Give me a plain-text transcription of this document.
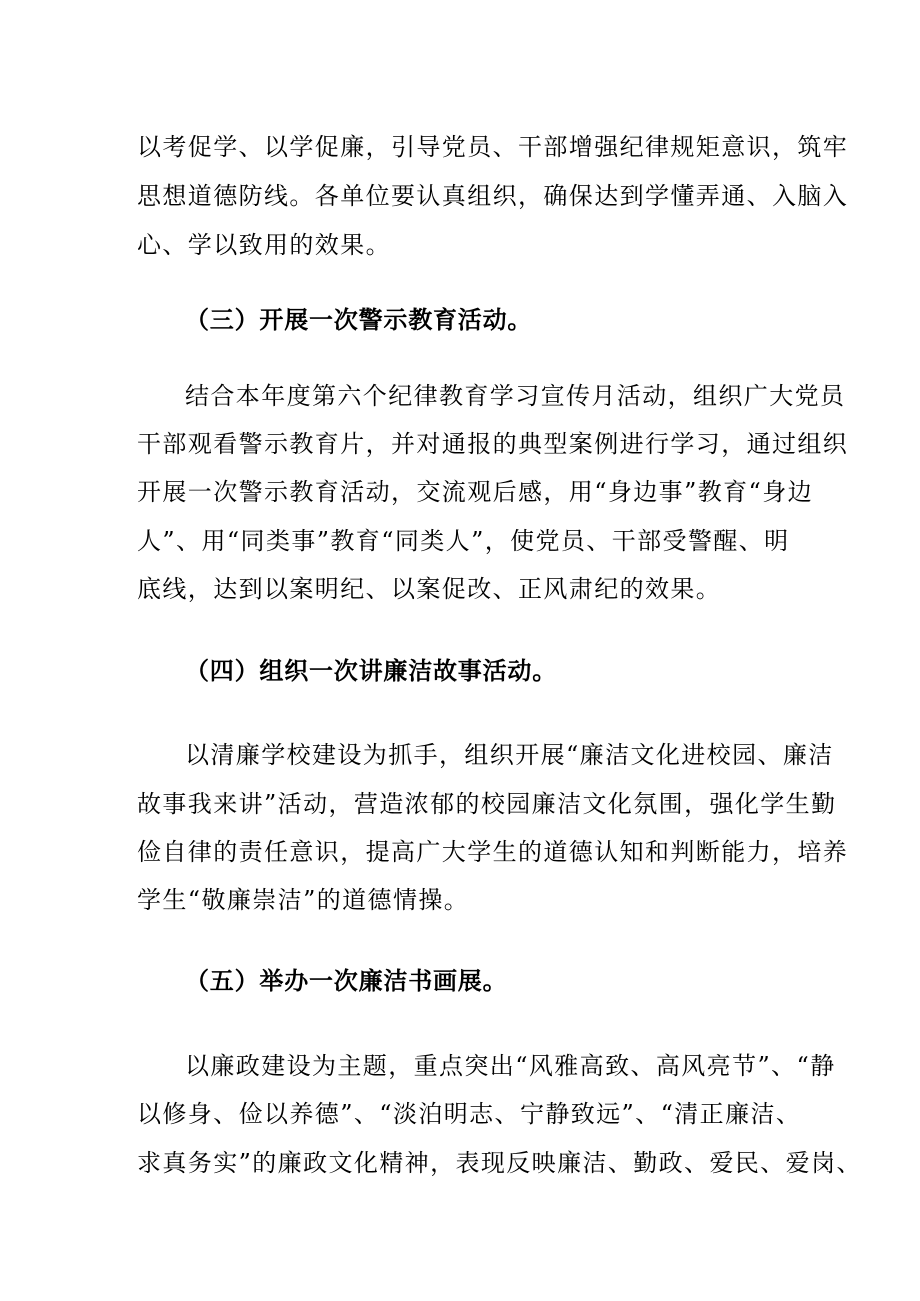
以考促学、以学促廉，引导党员、干部增强纪律规矩意识，筑牢
思想道德防线。各单位要认真组织，确保达到学懂弄通、入脑入
心、学以致用的效果。
（三）开展一次警示教育活动。
结合本年度第六个纪律教育学习宣传月活动，组织广大党员
干部观看警示教育片，并对通报的典型案例进行学习，通过组织
开展一次警示教育活动，交流观后感，用“身边事”教育“身边
人”、用“同类事”教育“同类人”，使党员、干部受警醒、明
底线，达到以案明纪、以案促改、正风肃纪的效果。
（四）组织一次讲廉洁故事活动。
以清廉学校建设为抓手，组织开展“廉洁文化进校园、廉洁
故事我来讲”活动，营造浓郁的校园廉洁文化氛围，强化学生勤
俭自律的责任意识，提高广大学生的道德认知和判断能力，培养
学生“敬廉崇洁”的道德情操。
（五）举办一次廉洁书画展。
以廉政建设为主题，重点突出“风雅高致、高风亮节”、“静
以修身、俭以养德”、“淡泊明志、宁静致远”、“清正廉洁、
求真务实”的廉政文化精神，表现反映廉洁、勤政、爱民、爱岗、
